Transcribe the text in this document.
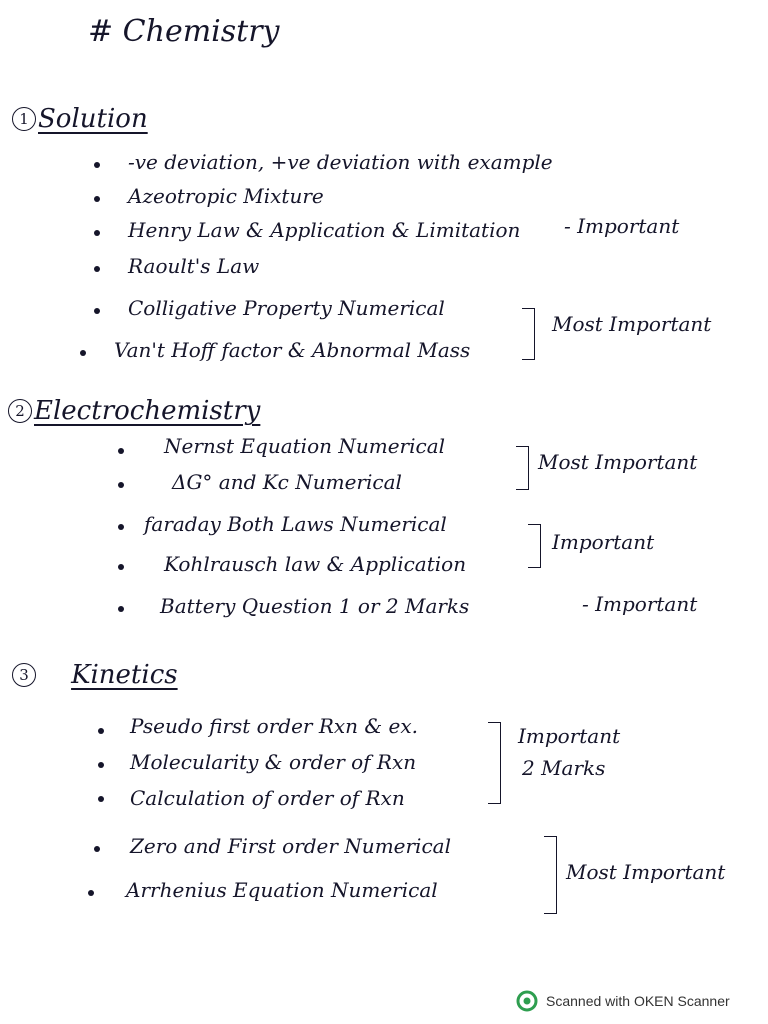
# Chemistry
1 Solution
-ve deviation, +ve deviation with example
Azeotropic Mixture
Henry Law & Application & Limitation - Important
Raoult's Law
Colligative Property Numerical
Van't Hoff factor & Abnormal Mass
Most Important
2 Electrochemistry
Nernst Equation Numerical
ΔG° and Kc Numerical
Most Important
faraday Both Laws Numerical
Kohlrausch law & Application
Important
Battery Question 1 or 2 Marks	- Important
3 Kinetics
Pseudo first order Rxn & ex.
Molecularity & order of Rxn
Calculation of order of Rxn
Important
2 Marks
Zero and First order Numerical
Arrhenius Equation Numerical
Most Important
Scanned with OKEN Scanner
